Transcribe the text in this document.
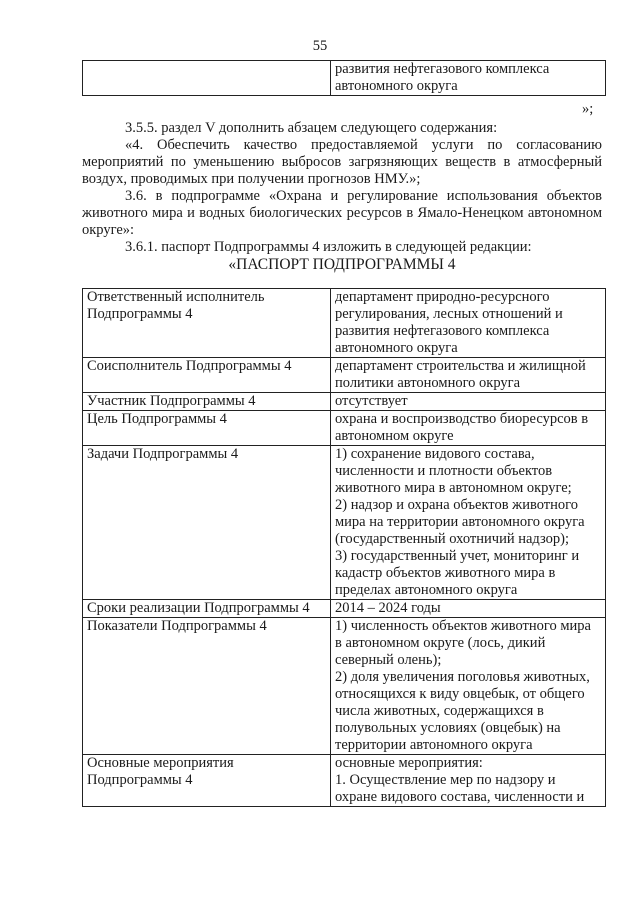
55
	развития нефтегазового комплекса автономного округа
»;

3.5.5. раздел V дополнить абзацем следующего содержания:

«4. Обеспечить качество предоставляемой услуги по согласованию мероприятий по уменьшению выбросов загрязняющих веществ в атмосферный воздух, проводимых при получении прогнозов НМУ.»;

3.6. в подпрограмме «Охрана и регулирование использования объектов животного мира и водных биологических ресурсов в Ямало-Ненецком автономном округе»:

3.6.1. паспорт Подпрограммы 4 изложить в следующей редакции:

«ПАСПОРТ ПОДПРОГРАММЫ 4

Ответственный исполнитель Подпрограммы 4	департамент природно-ресурсного регулирования, лесных отношений и развития нефтегазового комплекса автономного округа
Соисполнитель Подпрограммы 4	департамент строительства и жилищной политики автономного округа
Участник Подпрограммы 4	отсутствует
Цель Подпрограммы 4	охрана и воспроизводство биоресурсов в автономном округе
Задачи Подпрограммы 4	1) сохранение видового состава, численности и плотности объектов животного мира в автономном округе;
2) надзор и охрана объектов животного мира на территории автономного округа (государственный охотничий надзор);
3) государственный учет, мониторинг и кадастр объектов животного мира в пределах автономного округа

Сроки реализации Подпрограммы 4	2014 – 2024 годы
Показатели Подпрограммы 4	1) численность объектов животного мира в автономном округе (лось, дикий северный олень);
2) доля увеличения поголовья животных, относящихся к виду овцебык, от общего числа животных, содержащихся в полувольных условиях (овцебык) на территории автономного округа

Основные мероприятия Подпрограммы 4	основные мероприятия:
1. Осуществление мер по надзору и охране видового состава, численности и
